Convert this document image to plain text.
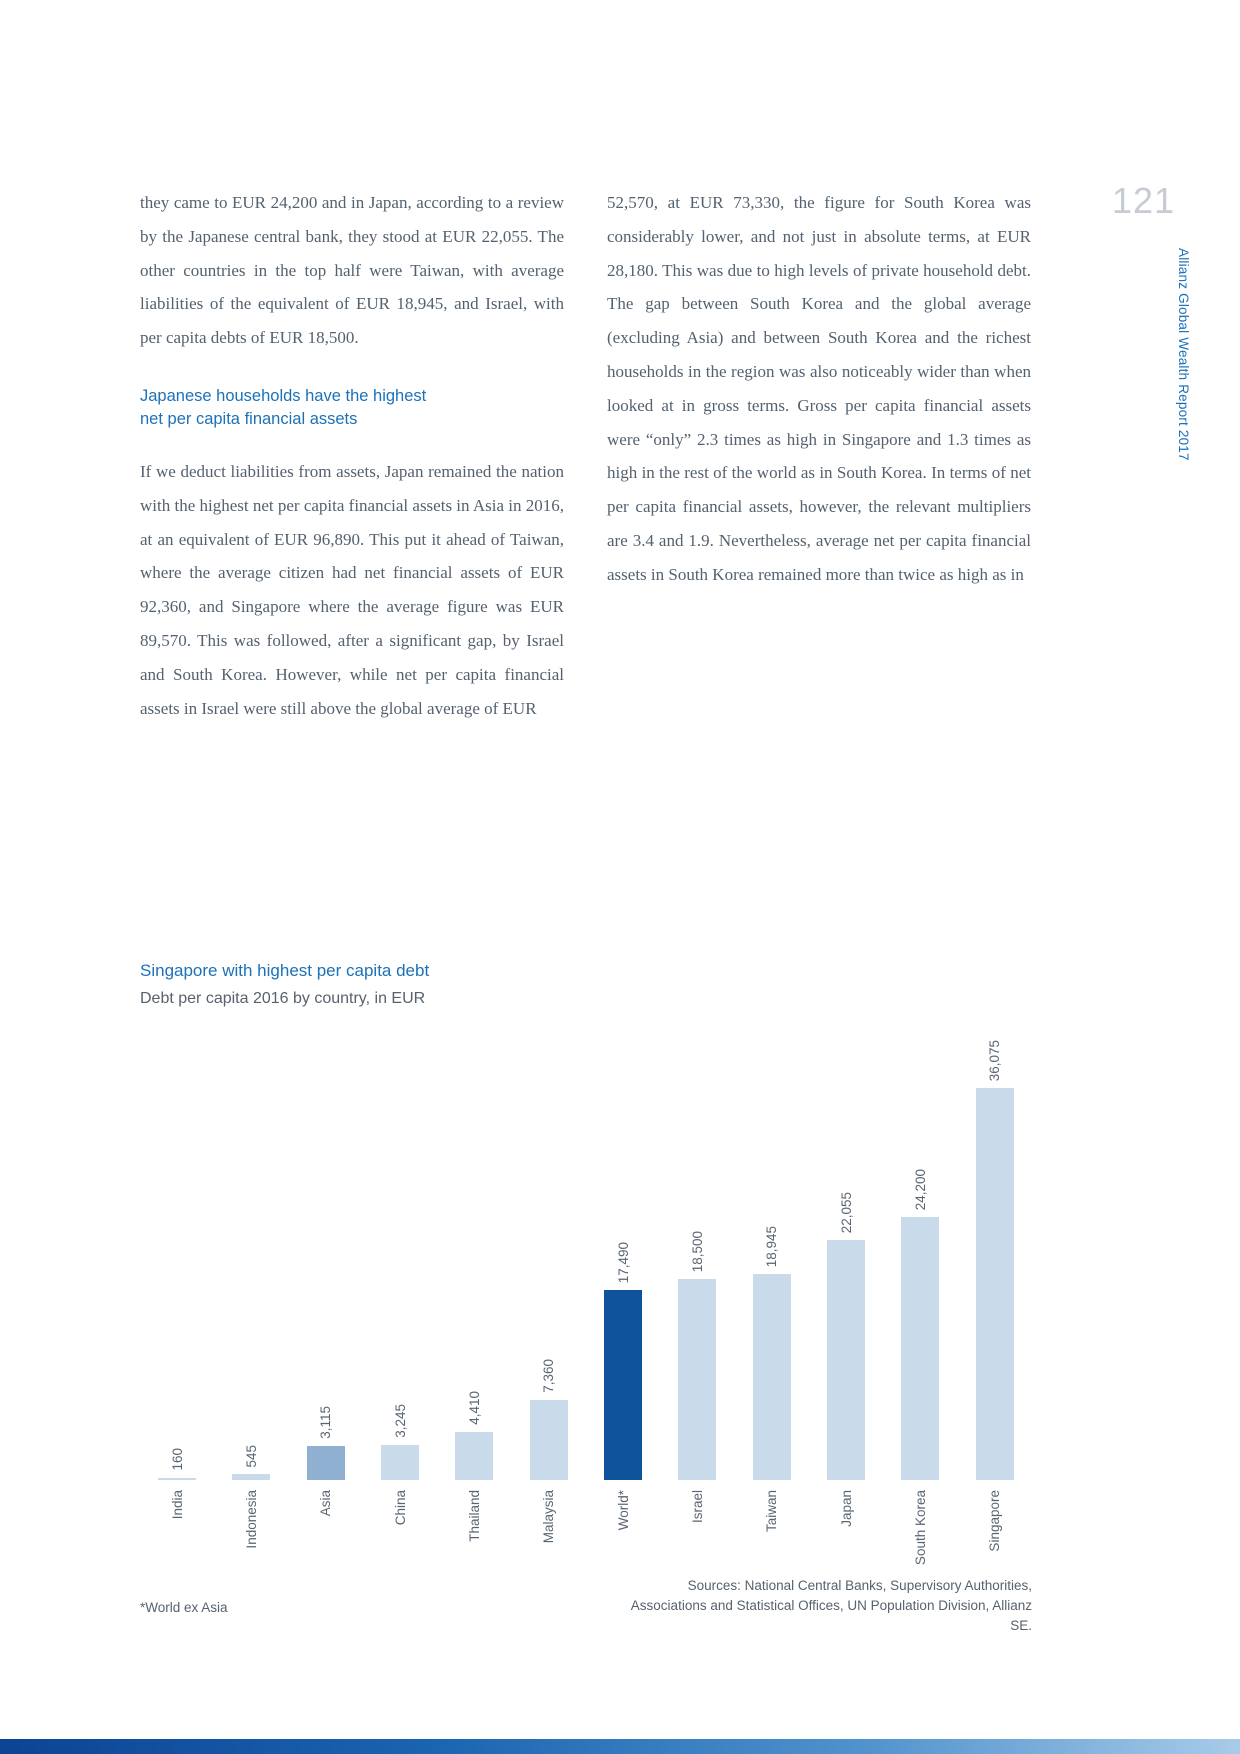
121
Allianz Global Wealth Report 2017

they came to EUR 24,200 and in Japan, according to a review by the Japanese central bank, they stood at EUR 22,055. The other countries in the top half were Taiwan, with average liabilities of the equivalent of EUR 18,945, and Israel, with per capita debts of EUR 18,500.

Japanese households have the highest net per capita financial assets

If we deduct liabilities from assets, Japan remained the nation with the highest net per capita financial assets in Asia in 2016, at an equivalent of EUR 96,890. This put it ahead of Taiwan, where the average citizen had net financial assets of EUR 92,360, and Singapore where the average figure was EUR 89,570. This was followed, after a significant gap, by Israel and South Korea. However, while net per capita financial assets in Israel were still above the global average of EUR

52,570, at EUR 73,330, the figure for South Korea was considerably lower, and not just in absolute terms, at EUR 28,180. This was due to high levels of private household debt. The gap between South Korea and the global average (excluding Asia) and between South Korea and the richest households in the region was also noticeably wider than when looked at in gross terms. Gross per capita financial assets were “only” 2.3 times as high in Singapore and 1.3 times as high in the rest of the world as in South Korea. In terms of net per capita financial assets, however, the relevant multipliers are 3.4 and 1.9. Nevertheless, average net per capita financial assets in South Korea remained more than twice as high as in

Singapore with highest per capita debt
Debt per capita 2016 by country, in EUR
160
India
545
Indonesia
3,115
Asia
3,245
China
4,410
Thailand
7,360
Malaysia
17,490
World*
18,500
Israel
18,945
Taiwan
22,055
Japan
24,200
South Korea
36,075
Singapore
*World ex Asia
Sources: National Central Banks, Supervisory Authorities, Associations and Statistical Offices, UN Population Division, Allianz SE.
